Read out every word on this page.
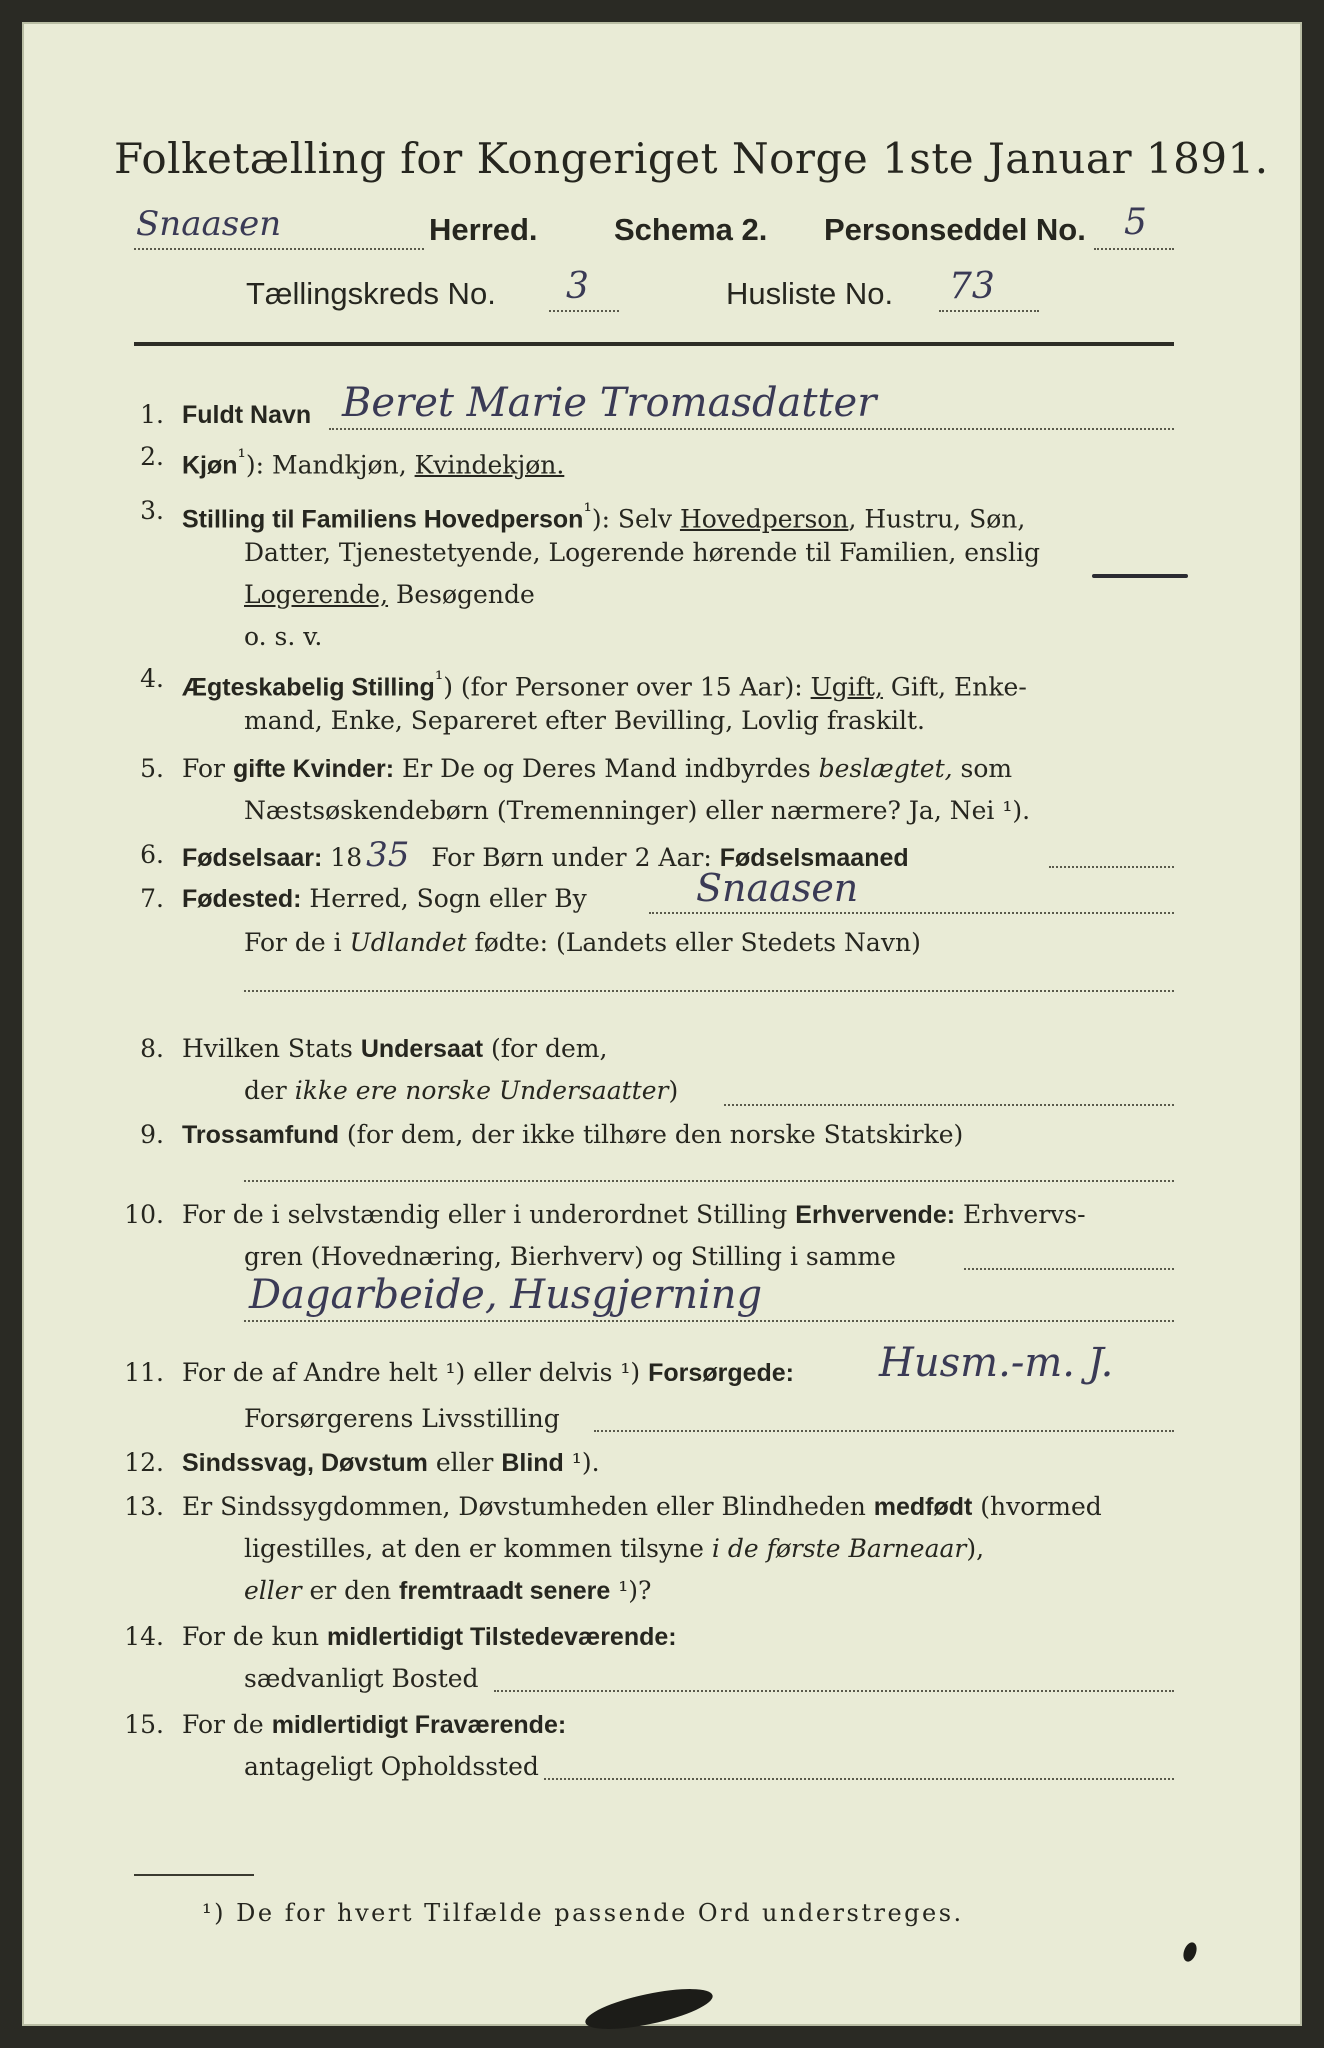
Folketælling for Kongeriget Norge 1ste Januar 1891.
Snaasen	Herred. Schema 2. Personseddel No. 5
Tællingskreds No. 3	Husliste No. 73
1. Fuldt Navn Beret Marie Tromasdatter
2. Kjøn$^{^1}$): Mandkjøn, Kvindekjøn.
3. Stilling til Familiens Hovedperson$^{^1}$): Selv Hovedperson, Hustru, Søn,
Datter, Tjenestetyende, Logerende hørende til Familien, enslig
Logerende, Besøgende
o. s. v.
4. Ægteskabelig Stilling$^{^1}$) (for Personer over 15 Aar): Ugift, Gift, Enke-
mand, Enke, Separeret efter Bevilling, Lovlig fraskilt.
5. For gifte Kvinder: Er De og Deres Mand indbyrdes beslægtet, som
Næstsøskendebørn (Tremenninger) eller nærmere? Ja, Nei ¹).
6. Fødselsaar: 18 35 For Børn under 2 Aar: Fødselsmaaned
7. Fødested: Herred, Sogn eller By	Snaasen
For de i Udlandet fødte: (Landets eller Stedets Navn)
8. Hvilken Stats Undersaat (for dem,
der ikke ere norske Undersaatter)
9. Trossamfund (for dem, der ikke tilhøre den norske Statskirke)
10. For de i selvstændig eller i underordnet Stilling Erhvervende: Erhvervs-
gren (Hovednæring, Bierhverv) og Stilling i samme
Dagarbeide, Husgjerning
11. For de af Andre helt ¹) eller delvis ¹) Forsørgede: Husm.-m. J.
Forsørgerens Livsstilling
12. Sindssvag, Døvstum eller Blind ¹).
13. Er Sindssygdommen, Døvstumheden eller Blindheden medfødt (hvormed
ligestilles, at den er kommen tilsyne i de første Barneaar),
eller er den fremtraadt senere ¹)?
14. For de kun midlertidigt Tilstedeværende:
sædvanligt Bosted
15. For de midlertidigt Fraværende:
antageligt Opholdssted
¹) De for hvert Tilfælde passende Ord understreges.
